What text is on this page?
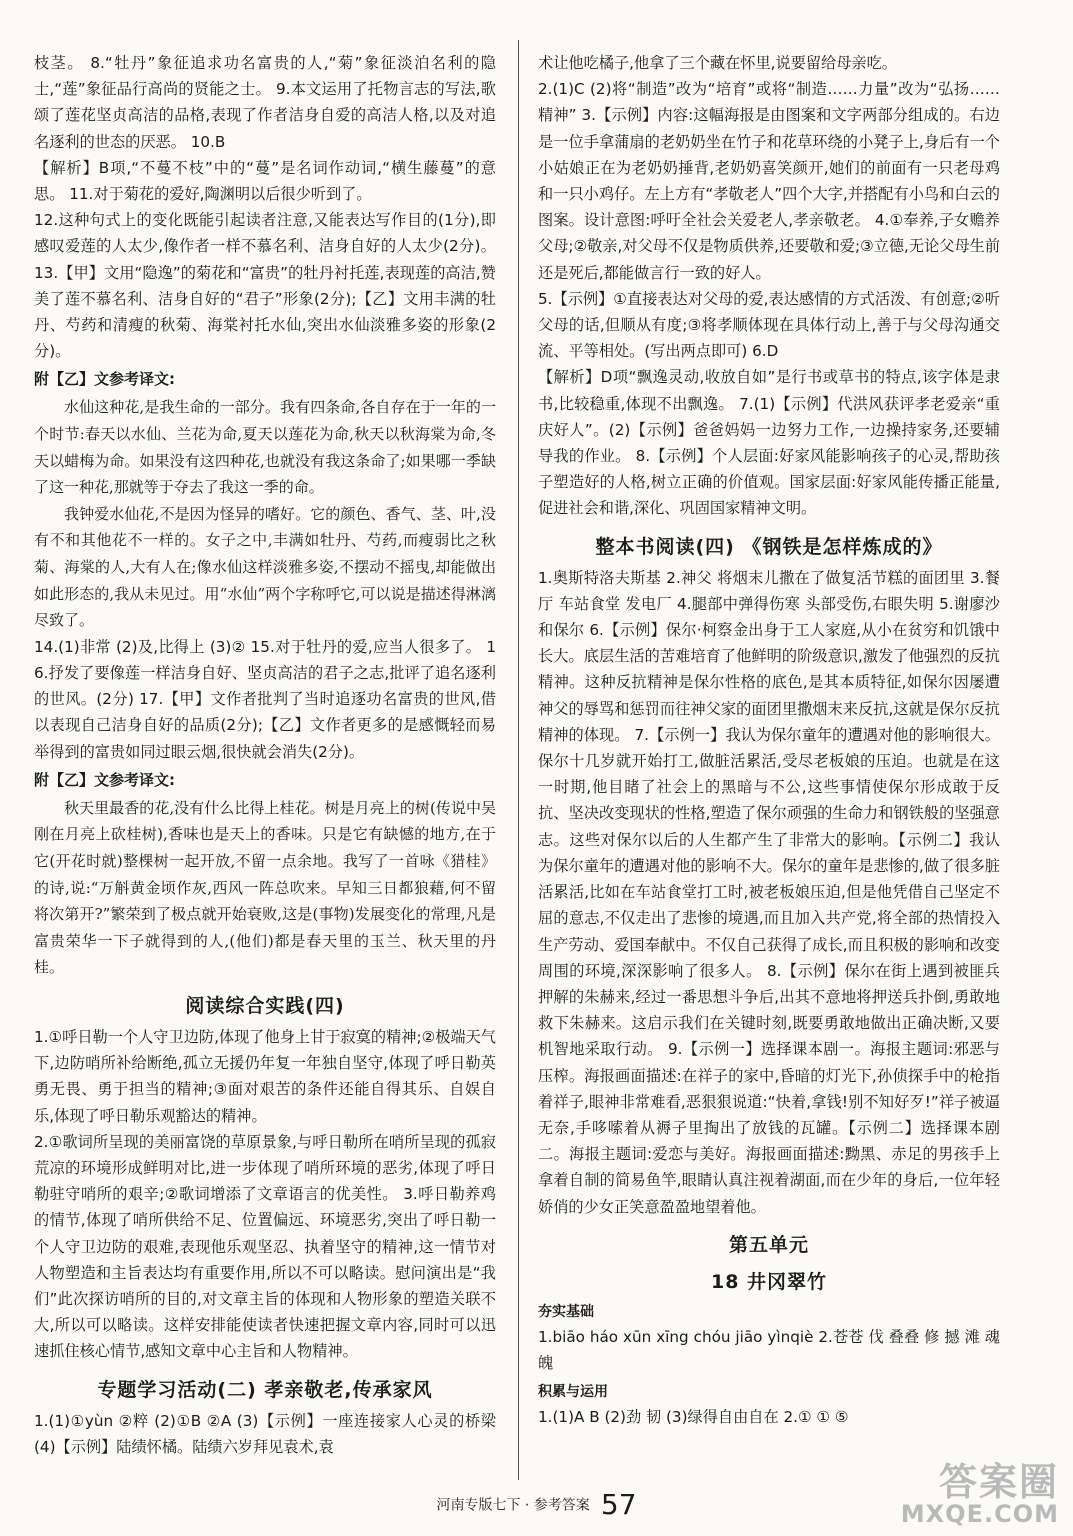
枝茎。 8.“牡丹”象征追求功名富贵的人,“菊”象征淡泊名利的隐士,“莲”象征品行高尚的贤能之士。 9.本文运用了托物言志的写法,歌颂了莲花坚贞高洁的品格,表现了作者洁身自爱的高洁人格,以及对追名逐利的世态的厌恶。 10.B

【解析】B项,“不蔓不枝”中的“蔓”是名词作动词,“横生藤蔓”的意思。 11.对于菊花的爱好,陶渊明以后很少听到了。

12.这种句式上的变化既能引起读者注意,又能表达写作目的(1分),即感叹爱莲的人太少,像作者一样不慕名利、洁身自好的人太少(2分)。 13.【甲】文用“隐逸”的菊花和“富贵”的牡丹衬托莲,表现莲的高洁,赞美了莲不慕名利、洁身自好的“君子”形象(2分);【乙】文用丰满的牡丹、芍药和清瘦的秋菊、海棠衬托水仙,突出水仙淡雅多姿的形象(2分)。

附【乙】文参考译文:

水仙这种花,是我生命的一部分。我有四条命,各自存在于一年的一个时节:春天以水仙、兰花为命,夏天以莲花为命,秋天以秋海棠为命,冬天以蜡梅为命。如果没有这四种花,也就没有我这条命了;如果哪一季缺了这一种花,那就等于夺去了我这一季的命。

我钟爱水仙花,不是因为怪异的嗜好。它的颜色、香气、茎、叶,没有不和其他花不一样的。女子之中,丰满如牡丹、芍药,而瘦弱比之秋菊、海棠的人,大有人在;像水仙这样淡雅多姿,不摆动不摇曳,却能做出如此形态的,我从未见过。用“水仙”两个字称呼它,可以说是描述得淋漓尽致了。

14.(1)非常 (2)及,比得上 (3)② 15.对于牡丹的爱,应当人很多了。 16.抒发了要像莲一样洁身自好、坚贞高洁的君子之志,批评了追名逐利的世风。(2分) 17.【甲】文作者批判了当时追逐功名富贵的世风,借以表现自己洁身自好的品质(2分);【乙】文作者更多的是感慨轻而易举得到的富贵如同过眼云烟,很快就会消失(2分)。

附【乙】文参考译文:

秋天里最香的花,没有什么比得上桂花。树是月亮上的树(传说中吴刚在月亮上砍桂树),香味也是天上的香味。只是它有缺憾的地方,在于它(开花时就)整棵树一起开放,不留一点余地。我写了一首咏《猎桂》的诗,说:“万斛黄金顷作灰,西风一阵总吹来。早知三日都狼藉,何不留将次第开?”繁荣到了极点就开始衰败,这是(事物)发展变化的常理,凡是富贵荣华一下子就得到的人,(他们)都是春天里的玉兰、秋天里的丹桂。

阅读综合实践(四)

1.①呼日勒一个人守卫边防,体现了他身上甘于寂寞的精神;②极端天气下,边防哨所补给断绝,孤立无援仍年复一年独自坚守,体现了呼日勒英勇无畏、勇于担当的精神;③面对艰苦的条件还能自得其乐、自娱自乐,体现了呼日勒乐观豁达的精神。

2.①歌词所呈现的美丽富饶的草原景象,与呼日勒所在哨所呈现的孤寂荒凉的环境形成鲜明对比,进一步体现了哨所环境的恶劣,体现了呼日勒驻守哨所的艰辛;②歌词增添了文章语言的优美性。 3.呼日勒养鸡的情节,体现了哨所供给不足、位置偏远、环境恶劣,突出了呼日勒一个人守卫边防的艰难,表现他乐观坚忍、执着坚守的精神,这一情节对人物塑造和主旨表达均有重要作用,所以不可以略读。慰问演出是“我们”此次探访哨所的目的,对文章主旨的体现和人物形象的塑造关联不大,所以可以略读。这样安排能使读者快速把握文章内容,同时可以迅速抓住核心情节,感知文章中心主旨和人物精神。

专题学习活动(二) 孝亲敬老,传承家风

1.(1)①yùn ②粹 (2)①B ②A (3)【示例】一座连接家人心灵的桥梁 (4)【示例】陆绩怀橘。陆绩六岁拜见袁术,袁

术让他吃橘子,他拿了三个藏在怀里,说要留给母亲吃。

2.(1)C (2)将“制造”改为“培育”或将“制造……力量”改为“弘扬……精神” 3.【示例】内容:这幅海报是由图案和文字两部分组成的。右边是一位手拿蒲扇的老奶奶坐在竹子和花草环绕的小凳子上,身后有一个小姑娘正在为老奶奶捶背,老奶奶喜笑颜开,她们的前面有一只老母鸡和一只小鸡仔。左上方有“孝敬老人”四个大字,并搭配有小鸟和白云的图案。设计意图:呼吁全社会关爱老人,孝亲敬老。 4.①奉养,子女赡养父母;②敬亲,对父母不仅是物质供养,还要敬和爱;③立德,无论父母生前还是死后,都能做言行一致的好人。

5.【示例】①直接表达对父母的爱,表达感情的方式活泼、有创意;②听父母的话,但顺从有度;③将孝顺体现在具体行动上,善于与父母沟通交流、平等相处。(写出两点即可) 6.D

【解析】D项“飘逸灵动,收放自如”是行书或草书的特点,该字体是隶书,比较稳重,体现不出飘逸。 7.(1)【示例】代洪风获评孝老爱亲“重庆好人”。(2)【示例】爸爸妈妈一边努力工作,一边操持家务,还要辅导我的作业。 8.【示例】个人层面:好家风能影响孩子的心灵,帮助孩子塑造好的人格,树立正确的价值观。国家层面:好家风能传播正能量,促进社会和谐,深化、巩固国家精神文明。

整本书阅读(四) 《钢铁是怎样炼成的》

1.奥斯特洛夫斯基 2.神父 将烟末儿撒在了做复活节糕的面团里 3.餐厅 车站食堂 发电厂 4.腿部中弹得伤寒 头部受伤,右眼失明 5.谢廖沙和保尔 6.【示例】保尔·柯察金出身于工人家庭,从小在贫穷和饥饿中长大。底层生活的苦难培育了他鲜明的阶级意识,激发了他强烈的反抗精神。这种反抗精神是保尔性格的底色,是其本质特征,如保尔因屡遭神父的辱骂和惩罚而往神父家的面团里撒烟末来反抗,这就是保尔反抗精神的体现。 7.【示例一】我认为保尔童年的遭遇对他的影响很大。保尔十几岁就开始打工,做脏活累活,受尽老板娘的压迫。也就是在这一时期,他目睹了社会上的黑暗与不公,这些事情使保尔形成敢于反抗、坚决改变现状的性格,塑造了保尔顽强的生命力和钢铁般的坚强意志。这些对保尔以后的人生都产生了非常大的影响。【示例二】我认为保尔童年的遭遇对他的影响不大。保尔的童年是悲惨的,做了很多脏活累活,比如在车站食堂打工时,被老板娘压迫,但是他凭借自己坚定不屈的意志,不仅走出了悲惨的境遇,而且加入共产党,将全部的热情投入生产劳动、爱国奉献中。不仅自己获得了成长,而且积极的影响和改变周围的环境,深深影响了很多人。 8.【示例】保尔在街上遇到被匪兵押解的朱赫来,经过一番思想斗争后,出其不意地将押送兵扑倒,勇敢地救下朱赫来。这启示我们在关键时刻,既要勇敢地做出正确决断,又要机智地采取行动。 9.【示例一】选择课本剧一。海报主题词:邪恶与压榨。海报画面描述:在祥子的家中,昏暗的灯光下,孙侦探手中的枪指着祥子,眼神非常难看,恶狠狠说道:“快着,拿钱!别不知好歹!”祥子被逼无奈,手哆嗦着从褥子里掏出了放钱的瓦罐。【示例二】选择课本剧二。海报主题词:爱恋与美好。海报画面描述:黝黑、赤足的男孩手上拿着自制的简易鱼竿,眼睛认真注视着湖面,而在少年的身后,一位年轻娇俏的少女正笑意盈盈地望着他。

第五单元
18 井冈翠竹

夯实基础

1.biāo háo xūn xīng chóu jiāo yìnqiè 2.苍苍 伐 叠叠 修 撼 滩 魂 魄

积累与运用

1.(1)A B (2)劲 韧 (3)绿得自由自在 2.① ① ⑤

河南专版七下 · 参考答案 57
答案圈
MXQE.COM
